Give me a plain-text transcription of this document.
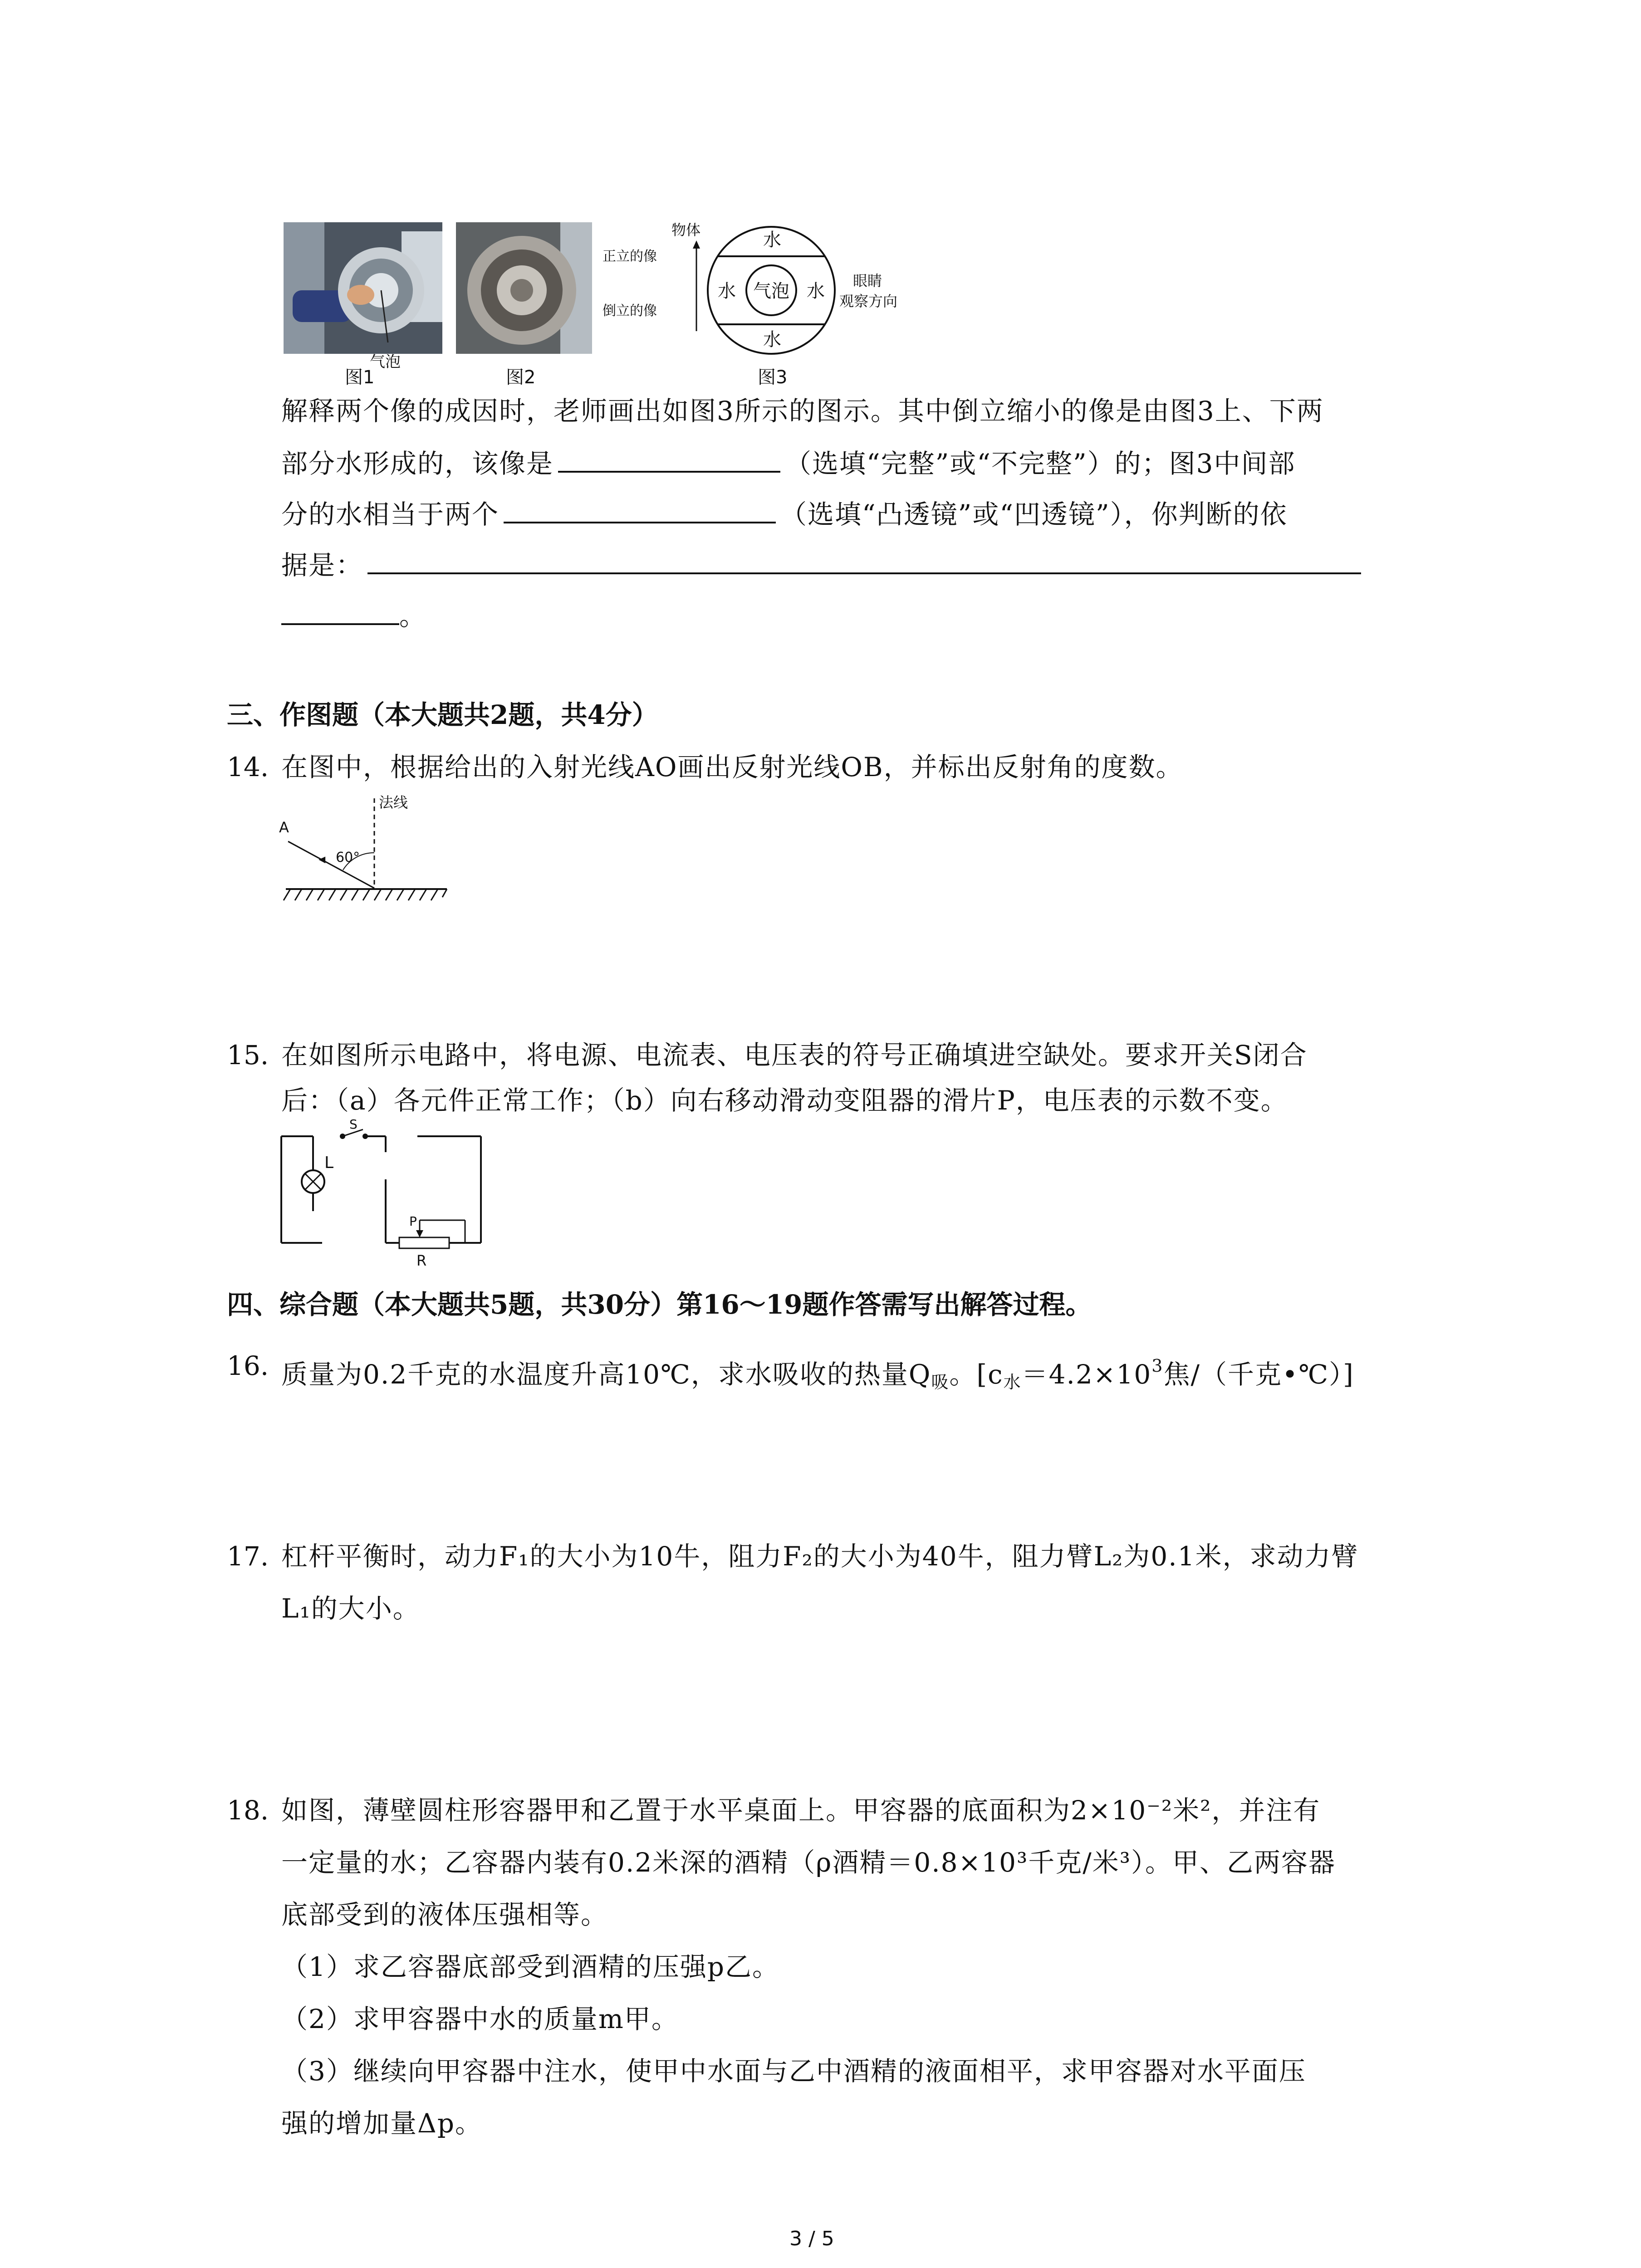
气泡
图1	图2
物体
正立的像
倒立的像
水
水	水
水
气泡	眼睛
观察方向
图3
解释两个像的成因时，老师画出如图3所示的图示。其中倒立缩小的像是由图3上、下两
部分水形成的，该像是	（选填“完整”或“不完整”）的；图3中间部
分的水相当于两个	（选填“凸透镜”或“凹透镜”），你判断的依
据是：
。
三、作图题（本大题共2题，共4分）
14. 在图中，根据给出的入射光线AO画出反射光线OB，并标出反射角的度数。
法线
A
60°
15. 在如图所示电路中，将电源、电流表、电压表的符号正确填进空缺处。要求开关S闭合
后：（a）各元件正常工作；（b）向右移动滑动变阻器的滑片P，电压表的示数不变。
S
L
P
R
四、综合题（本大题共5题，共30分）第16～19题作答需写出解答过程。
16. 质量为0.2千克的水温度升高10℃，求水吸收的热量$Q_吸$。[$c_水=4.2\times 10^3$焦/（千克•℃）]
17. 杠杆平衡时，动力F₁的大小为10牛，阻力F₂的大小为40牛，阻力臂L₂为0.1米，求动力臂
L₁的大小。
18. 如图，薄壁圆柱形容器甲和乙置于水平桌面上。甲容器的底面积为2×10⁻²米²，并注有
一定量的水；乙容器内装有0.2米深的酒精（ρ酒精＝0.8×10³千克/米³）。甲、乙两容器
底部受到的液体压强相等。
（1）求乙容器底部受到酒精的压强p乙。
（2）求甲容器中水的质量m甲。
（3）继续向甲容器中注水，使甲中水面与乙中酒精的液面相平，求甲容器对水平面压
强的增加量Δp。
3 / 5
